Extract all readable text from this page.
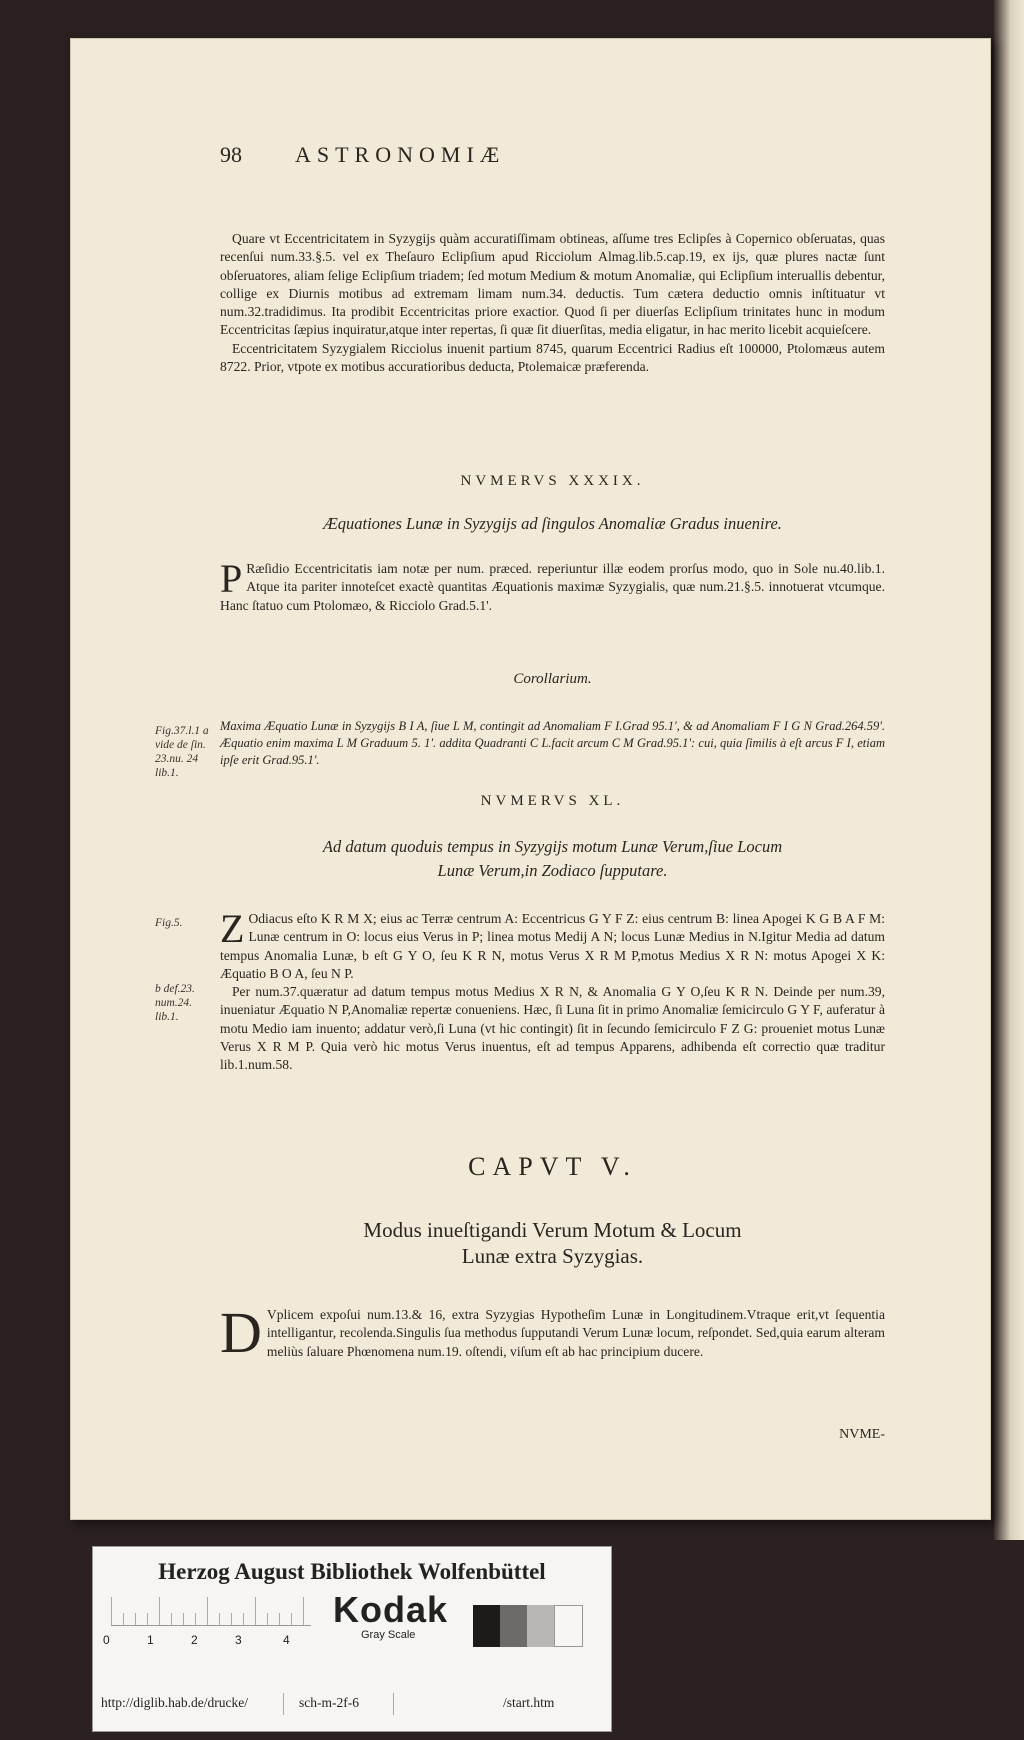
98 ASTRONOMIÆ

Quare vt Eccentricitatem in Syzygijs quàm accuratiſſimam obtineas, aſſume tres Eclipſes à Copernico obſeruatas, quas recenſui num.33.§.5. vel ex Theſauro Eclipſium apud Ricciolum Almag.lib.5.cap.19, ex ijs, quæ plures nactæ ſunt obſeruatores, aliam ſelige Eclipſium triadem; ſed motum Medium & motum Anomaliæ, qui Eclipſium interuallis debentur, collige ex Diurnis motibus ad extremam limam num.34. deductis. Tum cætera deductio omnis inſtituatur vt num.32.tradidimus. Ita prodibit Eccentricitas priore exactior. Quod ſi per diuerſas Eclipſium trinitates hunc in modum Eccentricitas ſæpius inquiratur,atque inter repertas, ſi quæ ſit diuerſitas, media eligatur, in hac merito licebit acquieſcere.

Eccentricitatem Syzygialem Ricciolus inuenit partium 8745, quarum Eccentrici Radius eſt 100000, Ptolomæus autem 8722. Prior, vtpote ex motibus accuratioribus deducta, Ptolemaicæ præferenda.

NVMERVS XXXIX.
Æquationes Lunæ in Syzygijs ad ſingulos Anomaliæ Gradus inuenire.
P Ræſidio Eccentricitatis iam notæ per num. præced. reperiuntur illæ eodem prorſus modo, quo in Sole nu.40.lib.1. Atque ita pariter innoteſcet exactè quantitas Æquationis maximæ Syzygialis, quæ num.21.§.5. innotuerat vtcumque. Hanc ſtatuo cum Ptolomæo, & Ricciolo Grad.5.1'.

Corollarium.
Fig.37.l.1 a vide de ſin. 23.nu. 24 lib.1.
Maxima Æquatio Lunæ in Syzygijs B I A, ſiue L M, contingit ad Anomaliam F I.Grad 95.1', & ad Anomaliam F I G N Grad.264.59'. Æquatio enim maxima L M Graduum 5. 1'. addita Quadranti C L.facit arcum C M Grad.95.1': cui, quia ſimilis à eſt arcus F I, etiam ipſe erit Grad.95.1'.
NVMERVS XL.
Ad datum quoduis tempus in Syzygijs motum Lunæ Verum,ſiue Locum
Lunæ Verum,in Zodiaco ſupputare.
Fig.5.
b def.23. num.24. lib.1.
Z Odiacus eſto K R M X; eius ac Terræ centrum A: Eccentricus G Y F Z: eius centrum B: linea Apogei K G B A F M: Lunæ centrum in O: locus eius Verus in P; linea motus Medij A N; locus Lunæ Medius in N.Igitur Media ad datum tempus Anomalia Lunæ, b eſt G Y O, ſeu K R N, motus Verus X R M P,motus Medius X R N: motus Apogei X K: Æquatio B O A, ſeu N P.

Per num.37.quæratur ad datum tempus motus Medius X R N, & Anomalia G Y O,ſeu K R N. Deinde per num.39, inueniatur Æquatio N P,Anomaliæ repertæ conueniens. Hæc, ſi Luna ſit in primo Anomaliæ ſemicirculo G Y F, auferatur à motu Medio iam inuento; addatur verò,ſi Luna (vt hic contingit) ſit in ſecundo ſemicirculo F Z G: proueniet motus Lunæ Verus X R M P. Quia verò hic motus Verus inuentus, eſt ad tempus Apparens, adhibenda eſt correctio quæ traditur lib.1.num.58.

CAPVT V.
Modus inueſtigandi Verum Motum & Locum
Lunæ extra Syzygias.
D Vplicem expoſui num.13.& 16, extra Syzygias Hypotheſim Lunæ in Longitudinem.Vtraque erit,vt ſequentia intelligantur, recolenda.Singulis ſua methodus ſupputandi Verum Lunæ locum, reſpondet. Sed,quia earum alteram meliùs ſaluare Phœnomena num.19. oſtendi, viſum eſt ab hac principium ducere.

NVME-
Herzog August Bibliothek Wolfenbüttel
0	1	2	3	4
Kodak
Gray Scale
http://diglib.hab.de/drucke/	sch-m-2f-6	/start.htm
